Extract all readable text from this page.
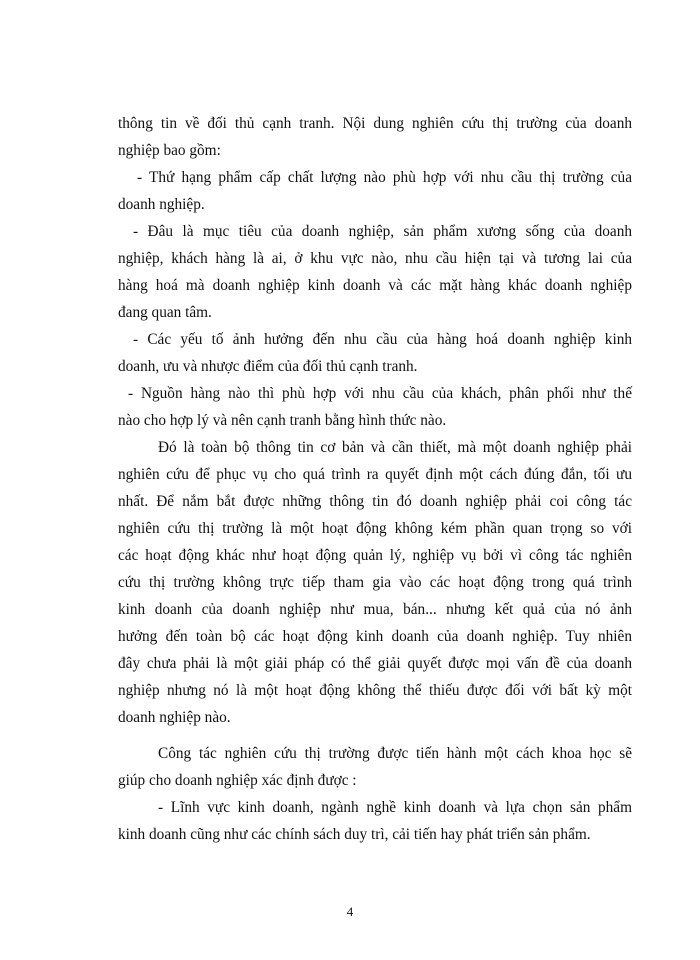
thông tin về đối thủ cạnh tranh. Nội dung nghiên cứu thị trường của doanh
nghiệp bao gồm:
- Thứ hạng phẩm cấp chất lượng nào phù hợp với nhu cầu thị trường của
doanh nghiệp.
- Đâu là mục tiêu của doanh nghiệp, sản phẩm xương sống của doanh
nghiệp, khách hàng là ai, ở khu vực nào, nhu cầu hiện tại và tương lai của
hàng hoá mà doanh nghiệp kinh doanh và các mặt hàng khác doanh nghiệp
đang quan tâm.
- Các yếu tố ảnh hưởng đến nhu cầu của hàng hoá doanh nghiệp kinh
doanh, ưu và nhược điểm của đối thủ cạnh tranh.
- Nguồn hàng nào thì phù hợp với nhu cầu của khách, phân phối như thế
nào cho hợp lý và nên cạnh tranh bằng hình thức nào.
Đó là toàn bộ thông tin cơ bản và cần thiết, mà một doanh nghiệp phải
nghiên cứu để phục vụ cho quá trình ra quyết định một cách đúng đắn, tối ưu
nhất. Để nắm bắt được những thông tin đó doanh nghiệp phải coi công tác
nghiên cứu thị trường là một hoạt động không kém phần quan trọng so với
các hoạt động khác như hoạt động quản lý, nghiệp vụ bởi vì công tác nghiên
cứu thị trường không trực tiếp tham gia vào các hoạt động trong quá trình
kinh doanh của doanh nghiệp như mua, bán... nhưng kết quả của nó ảnh
hưởng đến toàn bộ các hoạt động kinh doanh của doanh nghiệp. Tuy nhiên
đây chưa phải là một giải pháp có thể giải quyết được mọi vấn đề của doanh
nghiệp nhưng nó là một hoạt động không thể thiếu được đối với bất kỳ một
doanh nghiệp nào.
Công tác nghiên cứu thị trường được tiến hành một cách khoa học sẽ
giúp cho doanh nghiệp xác định được :
- Lĩnh vực kinh doanh, ngành nghề kinh doanh và lựa chọn sản phẩm
kinh doanh cũng như các chính sách duy trì, cải tiến hay phát triển sản phẩm.
4
